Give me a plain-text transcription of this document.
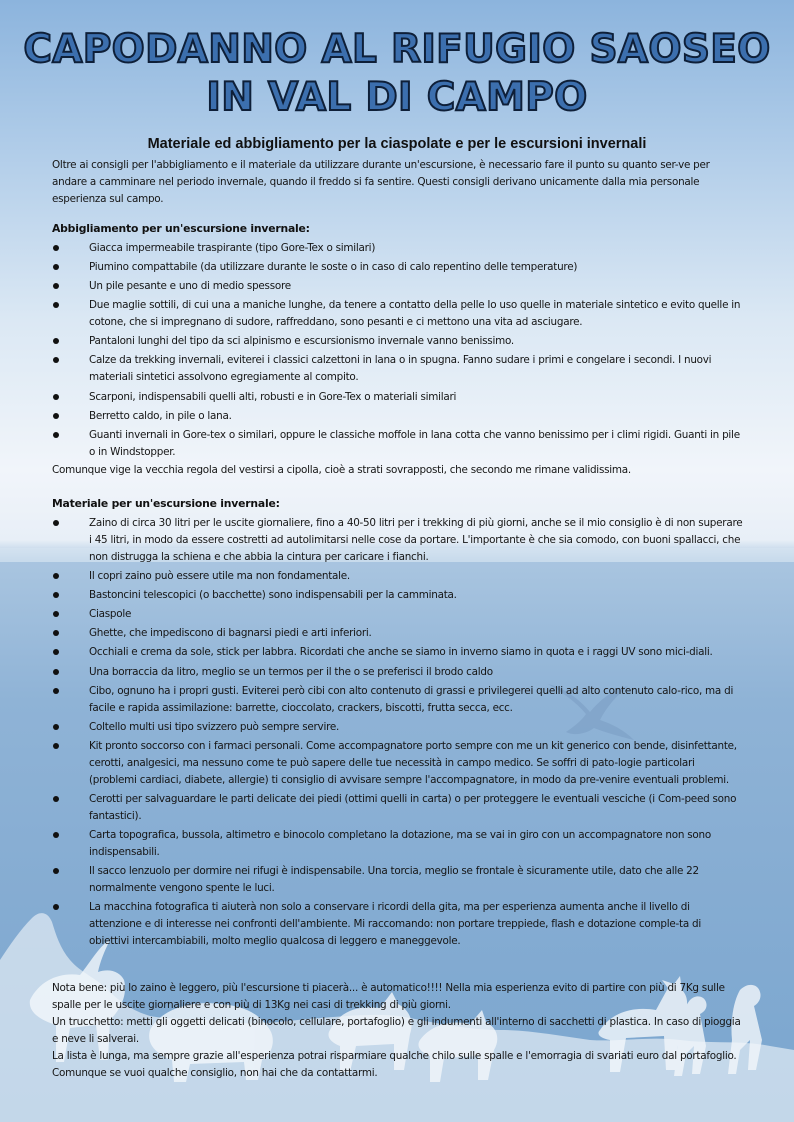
CAPODANNO AL RIFUGIO SAOSEO
IN VAL DI CAMPO
Materiale ed abbigliamento per la ciaspolate e per le escursioni invernali
Oltre ai consigli per l'abbigliamento e il materiale da utilizzare durante un'escursione, è necessario fare il punto su quanto ser-ve per andare a camminare nel periodo invernale, quando il freddo si fa sentire. Questi consigli derivano unicamente dalla mia personale esperienza sul campo.
Abbigliamento per un'escursione invernale:
Giacca impermeabile traspirante (tipo Gore-Tex o similari)
Piumino compattabile (da utilizzare durante le soste o in caso di calo repentino delle temperature)
Un pile pesante e uno di medio spessore
Due maglie sottili, di cui una a maniche lunghe, da tenere a contatto della pelle Io uso quelle in materiale sintetico e evito quelle in cotone, che si impregnano di sudore, raffreddano, sono pesanti e ci mettono una vita ad asciugare.
Pantaloni lunghi del tipo da sci alpinismo e escursionismo invernale vanno benissimo.
Calze da trekking invernali, eviterei i classici calzettoni in lana o in spugna. Fanno sudare i primi e congelare i secondi. I nuovi materiali sintetici assolvono egregiamente al compito.
Scarponi, indispensabili quelli alti, robusti e in Gore-Tex o materiali similari
Berretto caldo, in pile o lana.
Guanti invernali in Gore-tex o similari, oppure le classiche moffole in lana cotta che vanno benissimo per i climi rigidi. Guanti in pile o in Windstopper.
Comunque vige la vecchia regola del vestirsi a cipolla, cioè a strati sovrapposti, che secondo me rimane validissima.
Materiale per un'escursione invernale:
Zaino di circa 30 litri per le uscite giornaliere, fino a 40-50 litri per i trekking di più giorni, anche se il mio consiglio è di non superare i 45 litri, in modo da essere costretti ad autolimitarsi nelle cose da portare. L'importante è che sia comodo, con buoni spallacci, che non distrugga la schiena e che abbia la cintura per caricare i fianchi.
Il copri zaino può essere utile ma non fondamentale.
Bastoncini telescopici (o bacchette) sono indispensabili per la camminata.
Ciaspole
Ghette, che impediscono di bagnarsi piedi e arti inferiori.
Occhiali e crema da sole, stick per labbra. Ricordati che anche se siamo in inverno siamo in quota e i raggi UV sono mici-diali.
Una borraccia da litro, meglio se un termos per il the o se preferisci il brodo caldo
Cibo, ognuno ha i propri gusti. Eviterei però cibi con alto contenuto di grassi e privilegerei quelli ad alto contenuto calo-rico, ma di facile e rapida assimilazione: barrette, cioccolato, crackers, biscotti, frutta secca, ecc.
Coltello multi usi tipo svizzero può sempre servire.
Kit pronto soccorso con i farmaci personali. Come accompagnatore porto sempre con me un kit generico con bende, disinfettante, cerotti, analgesici, ma nessuno come te può sapere delle tue necessità in campo medico. Se soffri di pato-logie particolari (problemi cardiaci, diabete, allergie) ti consiglio di avvisare sempre l'accompagnatore, in modo da pre-venire eventuali problemi.
Cerotti per salvaguardare le parti delicate dei piedi (ottimi quelli in carta) o per proteggere le eventuali vesciche (i Com-peed sono fantastici).
Carta topografica, bussola, altimetro e binocolo completano la dotazione, ma se vai in giro con un accompagnatore non sono indispensabili.
Il sacco lenzuolo per dormire nei rifugi è indispensabile. Una torcia, meglio se frontale è sicuramente utile, dato che alle 22 normalmente vengono spente le luci.
La macchina fotografica ti aiuterà non solo a conservare i ricordi della gita, ma per esperienza aumenta anche il livello di attenzione e di interesse nei confronti dell'ambiente. Mi raccomando: non portare treppiede, flash e dotazione comple-ta di obiettivi intercambiabili, molto meglio qualcosa di leggero e maneggevole.
Nota bene: più lo zaino è leggero, più l'escursione ti piacerà... è automatico!!!! Nella mia esperienza evito di partire con più di 7Kg sulle spalle per le uscite giornaliere e con più di 13Kg nei casi di trekking di più giorni.
Un trucchetto: metti gli oggetti delicati (binocolo, cellulare, portafoglio) e gli indumenti all'interno di sacchetti di plastica. In caso di pioggia e neve li salverai.
La lista è lunga, ma sempre grazie all'esperienza potrai risparmiare qualche chilo sulle spalle e l'emorragia di svariati euro dal portafoglio. Comunque se vuoi qualche consiglio, non hai che da contattarmi.
